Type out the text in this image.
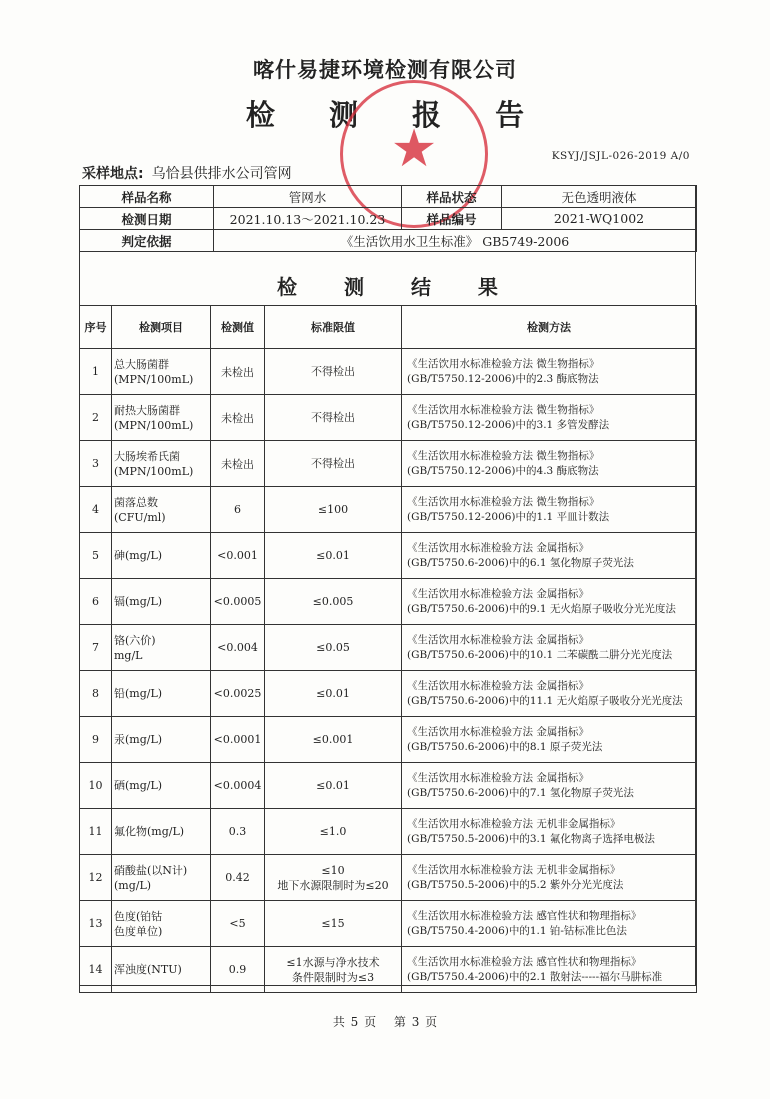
喀什易捷环境检测有限公司
检 测 报 告
★	KSYJ/JSJL-026-2019 A/0
采样地点: 乌恰县供排水公司管网
样品名称	管网水	样品状态	无色透明液体
检测日期	2021.10.13～2021.10.23	样品编号	2021-WQ1002
判定依据	《生活饮用水卫生标准》 GB5749-2006		
检 测 结 果
序号	检测项目	检测值	标准限值	检测方法
1	总大肠菌群
(MPN/100mL)	未检出	不得检出	《生活饮用水标准检验方法 微生物指标》
(GB/T5750.12-2006)中的2.3 酶底物法

2	耐热大肠菌群
(MPN/100mL)	未检出	不得检出	《生活饮用水标准检验方法 微生物指标》
(GB/T5750.12-2006)中的3.1 多管发酵法

3	大肠埃希氏菌
(MPN/100mL)	未检出	不得检出	《生活饮用水标准检验方法 微生物指标》
(GB/T5750.12-2006)中的4.3 酶底物法

4	菌落总数
(CFU/ml)	6	≤100	《生活饮用水标准检验方法 微生物指标》
(GB/T5750.12-2006)中的1.1 平皿计数法

5	砷(mg/L)	<0.001	≤0.01	《生活饮用水标准检验方法 金属指标》
(GB/T5750.6-2006)中的6.1 氢化物原子荧光法

6	镉(mg/L)	<0.0005	≤0.005	《生活饮用水标准检验方法 金属指标》
(GB/T5750.6-2006)中的9.1 无火焰原子吸收分光光度法

7	铬(六价)
mg/L	<0.004	≤0.05	《生活饮用水标准检验方法 金属指标》
(GB/T5750.6-2006)中的10.1 二苯碳酰二肼分光光度法

8	铅(mg/L)	<0.0025	≤0.01	《生活饮用水标准检验方法 金属指标》
(GB/T5750.6-2006)中的11.1 无火焰原子吸收分光光度法

9	汞(mg/L)	<0.0001	≤0.001	《生活饮用水标准检验方法 金属指标》
(GB/T5750.6-2006)中的8.1 原子荧光法

10	硒(mg/L)	<0.0004	≤0.01	《生活饮用水标准检验方法 金属指标》
(GB/T5750.6-2006)中的7.1 氢化物原子荧光法

11	氟化物(mg/L)	0.3	≤1.0	《生活饮用水标准检验方法 无机非金属指标》
(GB/T5750.5-2006)中的3.1 氟化物离子选择电极法

12	硝酸盐(以N计)
(mg/L)	0.42	≤10
地下水源限制时为≤20	《生活饮用水标准检验方法 无机非金属指标》
(GB/T5750.5-2006)中的5.2 紫外分光光度法

13	色度(铂钴
色度单位)	<5	≤15	《生活饮用水标准检验方法 感官性状和物理指标》
(GB/T5750.4-2006)中的1.1 铂-钴标准比色法

14	浑浊度(NTU)	0.9	≤1水源与净水技术
条件限制时为≤3	《生活饮用水标准检验方法 感官性状和物理指标》
(GB/T5750.4-2006)中的2.1 散射法-----福尔马肼标准
共 5 页 第 3 页
